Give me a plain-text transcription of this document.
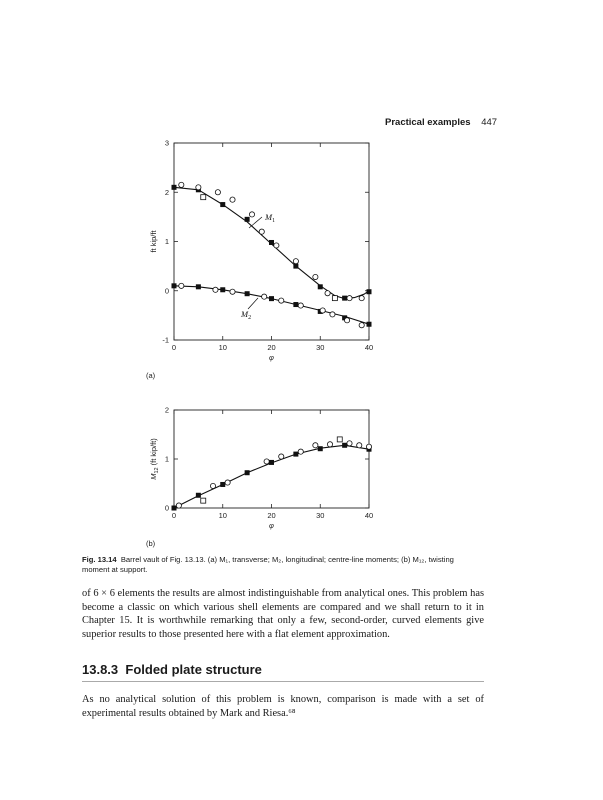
Practical examples 447
0	10	20	30	40
-1
0
1
2
3
φ
ft kip/ft
(a)
$M_1$
$M_2$
0	10	20	30	40
0
1
2
φ
$M_{12}$ (ft kip/ft)
(b)
Fig. 13.14 Barrel vault of Fig. 13.13. (a) M₁, transverse; M₂, longitudinal; centre-line moments; (b) M₁₂, twisting moment at support.

of 6 × 6 elements the results are almost indistinguishable from analytical ones. This problem has become a classic on which various shell elements are compared and we shall return to it in Chapter 15. It is worthwhile remarking that only a few, second-order, curved elements give superior results to those presented here with a flat element approximation.

13.8.3 Folded plate structure

As no analytical solution of this problem is known, comparison is made with a set of experimental results obtained by Mark and Riesa.⁶⁸
